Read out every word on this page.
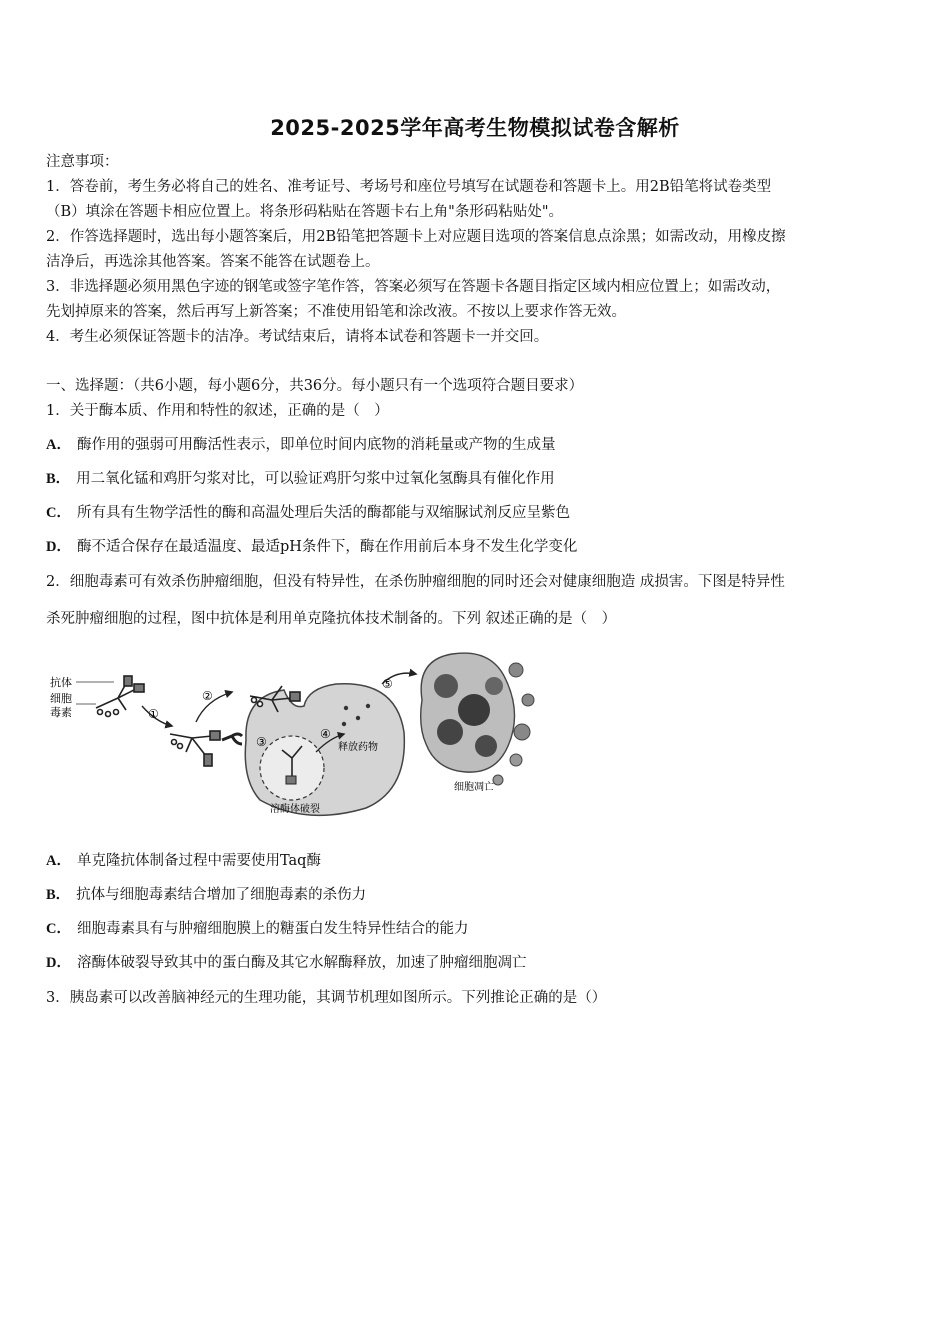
2025-2025学年高考生物模拟试卷含解析
注意事项：
1．答卷前，考生务必将自己的姓名、准考证号、考场号和座位号填写在试题卷和答题卡上。用2B铅笔将试卷类型
（B）填涂在答题卡相应位置上。将条形码粘贴在答题卡右上角"条形码粘贴处"。
2．作答选择题时，选出每小题答案后，用2B铅笔把答题卡上对应题目选项的答案信息点涂黑；如需改动，用橡皮擦
洁净后，再选涂其他答案。答案不能答在试题卷上。
3．非选择题必须用黑色字迹的钢笔或签字笔作答，答案必须写在答题卡各题目指定区域内相应位置上；如需改动，
先划掉原来的答案，然后再写上新答案；不准使用铅笔和涂改液。不按以上要求作答无效。
4．考生必须保证答题卡的洁净。考试结束后，请将本试卷和答题卡一并交回。
一、选择题：（共6小题，每小题6分，共36分。每小题只有一个选项符合题目要求）
1．关于酶本质、作用和特性的叙述，正确的是（　）
A． 酶作用的强弱可用酶活性表示，即单位时间内底物的消耗量或产物的生成量
B． 用二氧化锰和鸡肝匀浆对比，可以验证鸡肝匀浆中过氧化氢酶具有催化作用
C． 所有具有生物学活性的酶和高温处理后失活的酶都能与双缩脲试剂反应呈紫色
D． 酶不适合保存在最适温度、最适pH条件下，酶在作用前后本身不发生化学变化
2．细胞毒素可有效杀伤肿瘤细胞，但没有特异性，在杀伤肿瘤细胞的同时还会对健康细胞造 成损害。下图是特异性
杀死肿瘤细胞的过程，图中抗体是利用单克隆抗体技术制备的。下列 叙述正确的是（　）
抗体
细胞
毒素	①
②
③
溶酶体破裂
④
释放药物
⑤
细胞凋亡
A． 单克隆抗体制备过程中需要使用Taq酶
B． 抗体与细胞毒素结合增加了细胞毒素的杀伤力
C． 细胞毒素具有与肿瘤细胞膜上的糖蛋白发生特异性结合的能力
D． 溶酶体破裂导致其中的蛋白酶及其它水解酶释放，加速了肿瘤细胞凋亡
3．胰岛素可以改善脑神经元的生理功能，其调节机理如图所示。下列推论正确的是（）
